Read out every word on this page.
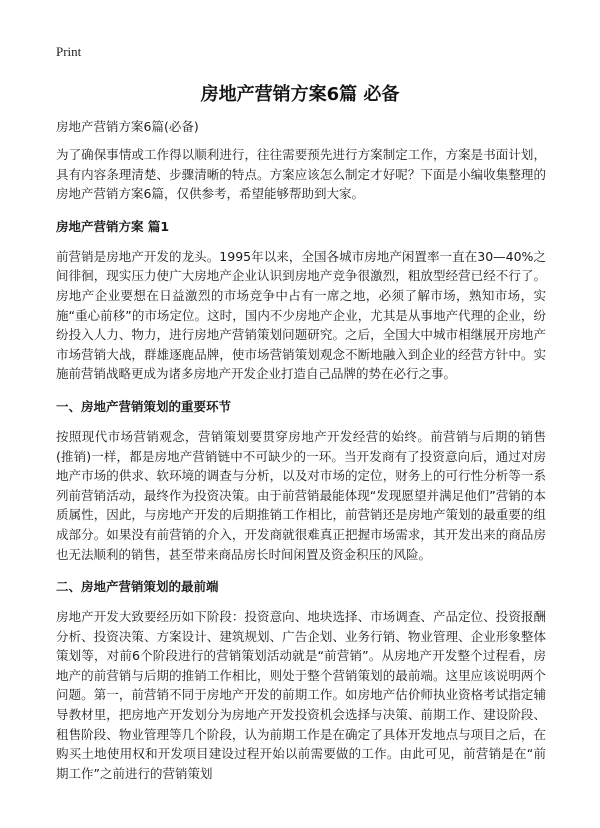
Print
房地产营销方案6篇 必备

房地产营销方案6篇(必备)

为了确保事情或工作得以顺利进行，往往需要预先进行方案制定工作，方案是书面计划，具有内容条理清楚、步骤清晰的特点。方案应该怎么制定才好呢？下面是小编收集整理的房地产营销方案6篇，仅供参考，希望能够帮助到大家。

房地产营销方案 篇1

前营销是房地产开发的龙头。1995年以来，全国各城市房地产闲置率一直在30—40%之间徘徊，现实压力使广大房地产企业认识到房地产竞争很激烈，粗放型经营已经不行了。房地产企业要想在日益激烈的市场竞争中占有一席之地，必须了解市场，熟知市场，实施“重心前移”的市场定位。这时，国内不少房地产企业，尤其是从事地产代理的企业，纷纷投入人力、物力，进行房地产营销策划问题研究。之后，全国大中城市相继展开房地产市场营销大战，群雄逐鹿品牌，使市场营销策划观念不断地融入到企业的经营方针中。实施前营销战略更成为诸多房地产开发企业打造自己品牌的势在必行之事。

一、房地产营销策划的重要环节

按照现代市场营销观念，营销策划要贯穿房地产开发经营的始终。前营销与后期的销售(推销)一样，都是房地产营销链中不可缺少的一环。当开发商有了投资意向后，通过对房地产市场的供求、软环境的调查与分析，以及对市场的定位，财务上的可行性分析等一系列前营销活动，最终作为投资决策。由于前营销最能体现“发现愿望并满足他们”营销的本质属性，因此，与房地产开发的后期推销工作相比，前营销还是房地产策划的最重要的组成部分。如果没有前营销的介入，开发商就很难真正把握市场需求，其开发出来的商品房也无法顺利的销售，甚至带来商品房长时间闲置及资金积压的风险。

二、房地产营销策划的最前端

房地产开发大致要经历如下阶段：投资意向、地块选择、市场调查、产品定位、投资报酬分析、投资决策、方案设计、建筑规划、广告企划、业务行销、物业管理、企业形象整体策划等，对前6个阶段进行的营销策划活动就是“前营销”。从房地产开发整个过程看，房地产的前营销与后期的推销工作相比，则处于整个营销策划的最前端。这里应该说明两个问题。第一，前营销不同于房地产开发的前期工作。如房地产估价师执业资格考试指定辅导教材里，把房地产开发划分为房地产开发投资机会选择与决策、前期工作、建设阶段、租售阶段、物业管理等几个阶段，认为前期工作是在确定了具体开发地点与项目之后，在购买土地使用权和开发项目建设过程开始以前需要做的工作。由此可见，前营销是在“前期工作”之前进行的营销策划
